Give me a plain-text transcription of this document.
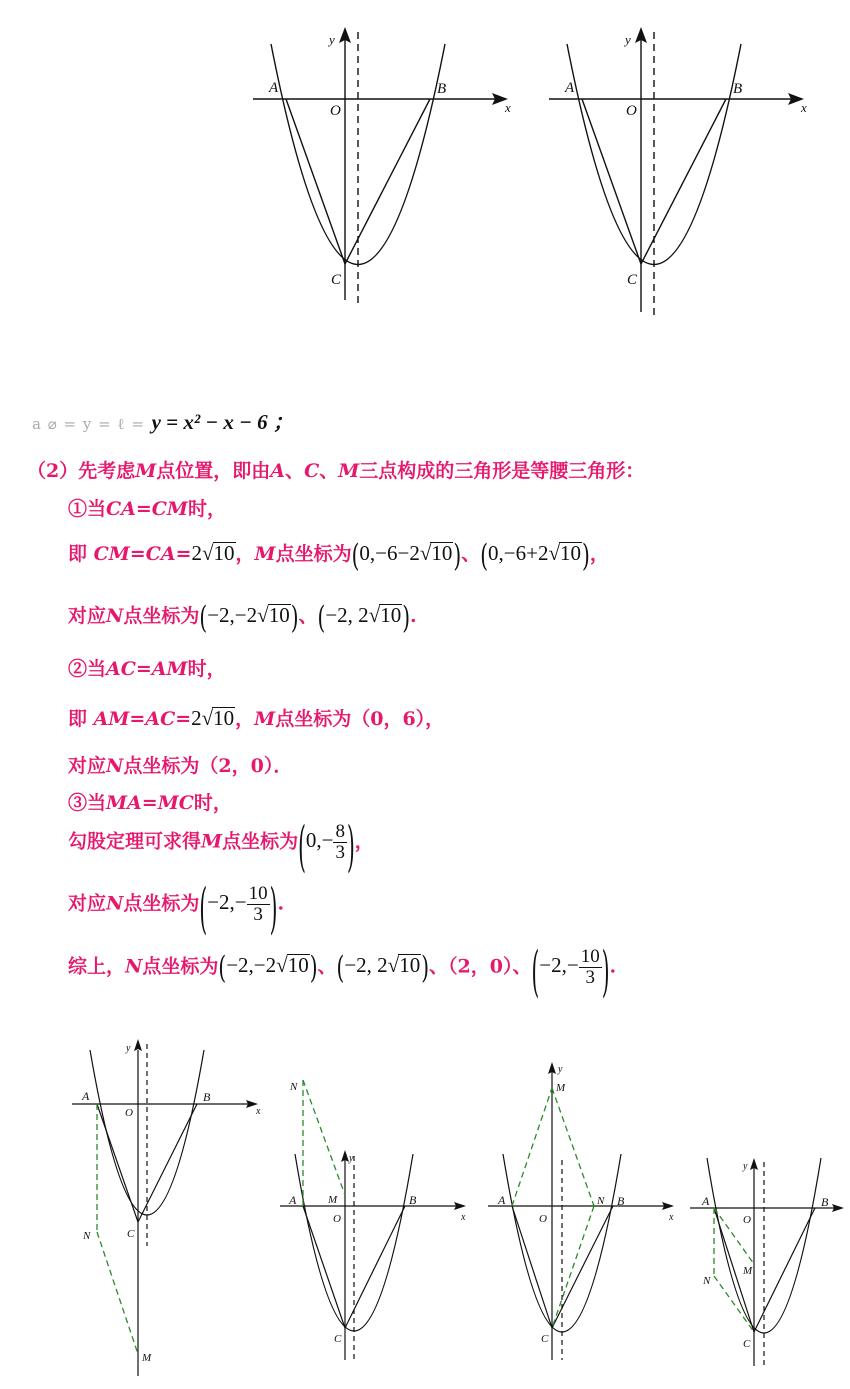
y
A	B
O	x
C
y
A	B
O	x
C
a ⌀ = y = ℓ = y = x² − x − 6 ；
（2）先考虑M点位置，即由A、C、M三点构成的三角形是等腰三角形：
①当CA=CM时，
即 CM=CA=2√10，M点坐标为(0,−6−2√10)、(0,−6+2√10)，
对应N点坐标为(−2,−2√10)、(−2, 2√10).
②当AC=AM时，
即 AM=AC=2√10，M点坐标为（0，6），
对应N点坐标为（2，0）．
③当MA=MC时，
勾股定理可求得M点坐标为($0,- \frac{8}{3}$ )，
对应N点坐标为($-2,- \frac{10}{3}$ ).
综上，N点坐标为(−2,−2√10)、(−2, 2√10)、（2，0）、($-2,- \frac{10}{3}$ ).
y
A	B
O	x
C
N
M
y
A	B
O	x
C
N
M
y
M
A	N B
O	x
C
y
A	B
O
M
N
C
